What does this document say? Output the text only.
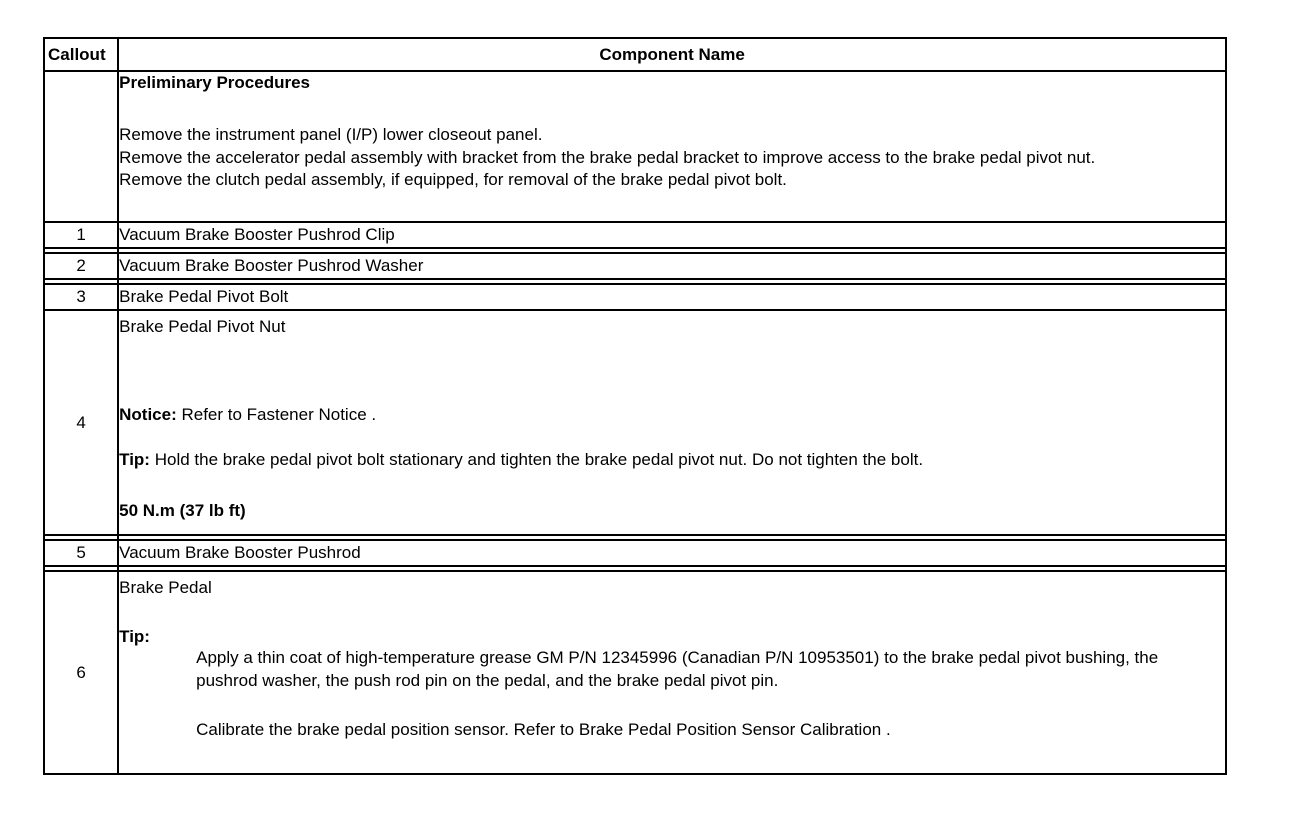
Callout	Component Name

	Preliminary Procedures
Remove the instrument panel (I/P) lower closeout panel.
Remove the accelerator pedal assembly with bracket from the brake pedal bracket to improve access to the brake pedal pivot nut.
Remove the clutch pedal assembly, if equipped, for removal of the brake pedal pivot bolt.

1	Vacuum Brake Booster Pushrod Clip

2	Vacuum Brake Booster Pushrod Washer

3	Brake Pedal Pivot Bolt
4	Brake Pedal Pivot Nut
Notice: Refer to Fastener Notice .
Tip: Hold the brake pedal pivot bolt stationary and tighten the brake pedal pivot nut. Do not tighten the bolt.
50 N.m (37 lb ft)

5	Vacuum Brake Booster Pushrod

6	Brake Pedal
Tip:
Apply a thin coat of high-temperature grease GM P/N 12345996 (Canadian P/N 10953501) to the brake pedal pivot bushing, the pushrod washer, the push rod pin on the pedal, and the brake pedal pivot pin.
Calibrate the brake pedal position sensor. Refer to Brake Pedal Position Sensor Calibration .
